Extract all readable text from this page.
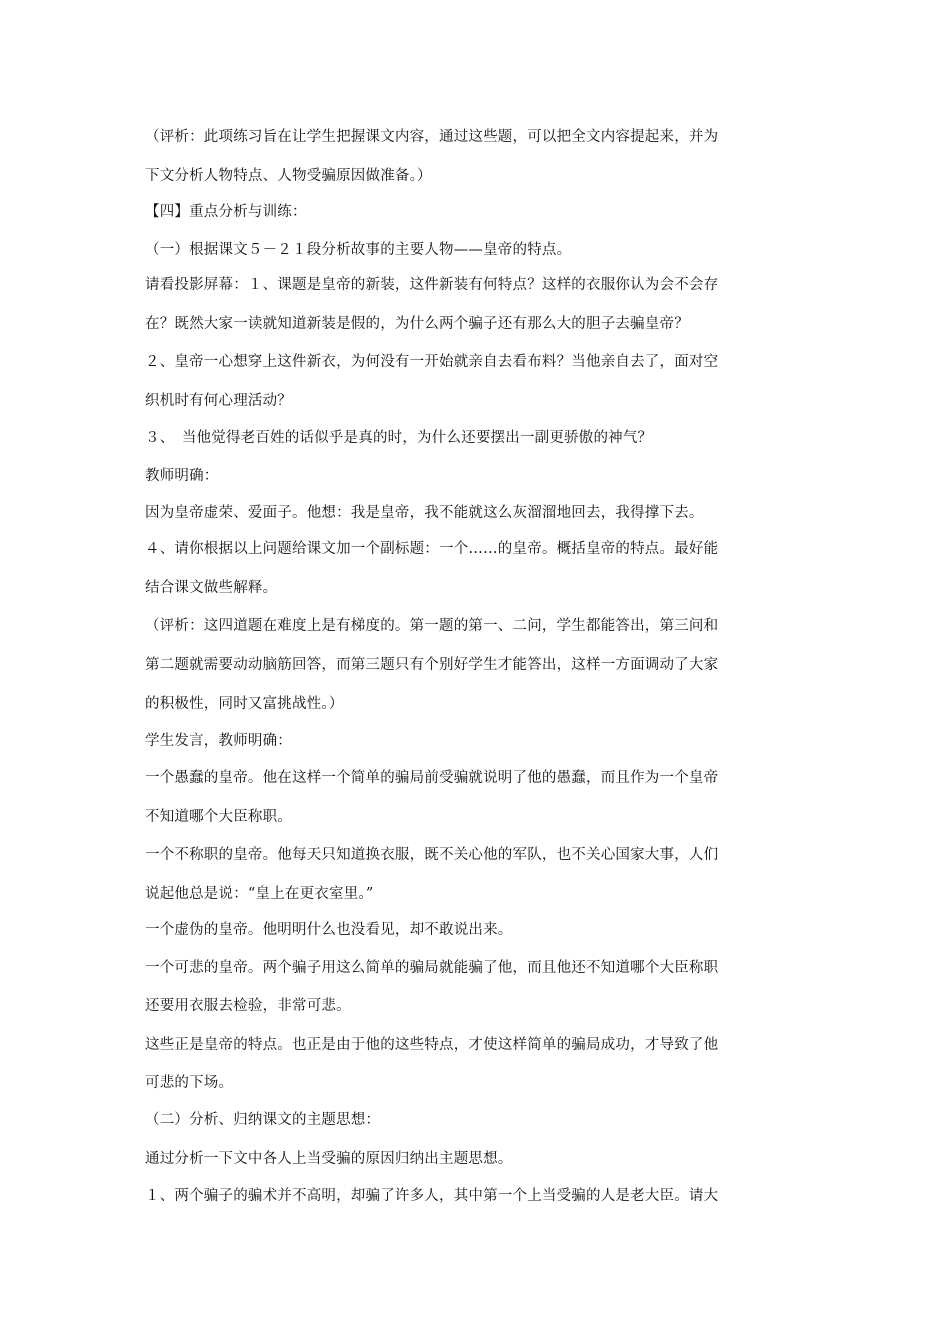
（评析：此项练习旨在让学生把握课文内容，通过这些题，可以把全文内容提起来，并为
下文分析人物特点、人物受骗原因做准备。）
【四】重点分析与训练：
（一）根据课文５－２１段分析故事的主要人物——皇帝的特点。
请看投影屏幕：１、课题是皇帝的新装，这件新装有何特点？这样的衣服你认为会不会存
在？既然大家一读就知道新装是假的，为什么两个骗子还有那么大的胆子去骗皇帝？
２、皇帝一心想穿上这件新衣，为何没有一开始就亲自去看布料？当他亲自去了，面对空
织机时有何心理活动？
３、　当他觉得老百姓的话似乎是真的时，为什么还要摆出一副更骄傲的神气？
教师明确：
因为皇帝虚荣、爱面子。他想：我是皇帝，我不能就这么灰溜溜地回去，我得撑下去。
４、请你根据以上问题给课文加一个副标题：一个……的皇帝。概括皇帝的特点。最好能
结合课文做些解释。
（评析：这四道题在难度上是有梯度的。第一题的第一、二问，学生都能答出，第三问和
第二题就需要动动脑筋回答，而第三题只有个别好学生才能答出，这样一方面调动了大家
的积极性，同时又富挑战性。）
学生发言，教师明确：
一个愚蠢的皇帝。他在这样一个简单的骗局前受骗就说明了他的愚蠢，而且作为一个皇帝
不知道哪个大臣称职。
一个不称职的皇帝。他每天只知道换衣服，既不关心他的军队，也不关心国家大事，人们
说起他总是说：“皇上在更衣室里。”
一个虚伪的皇帝。他明明什么也没看见，却不敢说出来。
一个可悲的皇帝。两个骗子用这么简单的骗局就能骗了他，而且他还不知道哪个大臣称职
还要用衣服去检验，非常可悲。
这些正是皇帝的特点。也正是由于他的这些特点，才使这样简单的骗局成功，才导致了他
可悲的下场。
（二）分析、归纳课文的主题思想：
通过分析一下文中各人上当受骗的原因归纳出主题思想。
１、两个骗子的骗术并不高明，却骗了许多人，其中第一个上当受骗的人是老大臣。请大
